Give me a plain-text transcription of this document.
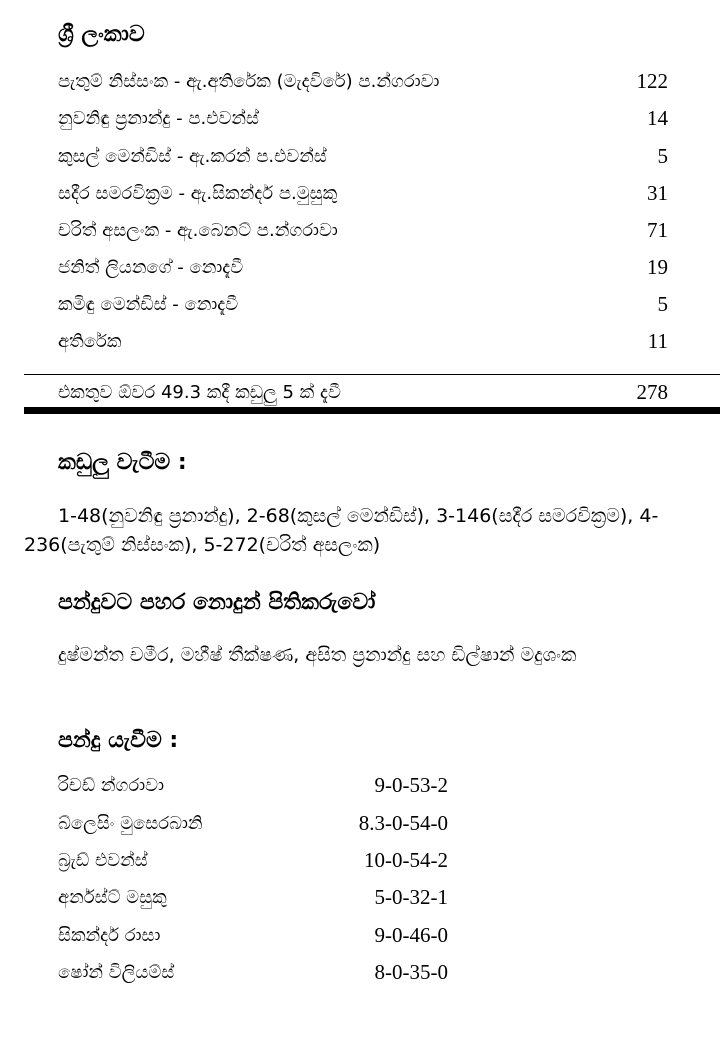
ශ්‍රී ලංකාව
පැතුම් නිස්සංක - ඇ.අතිරේක (මැදවිරේ) ප.න්ගරාවා	122
නුවනිඳු ප්‍රනාන්දු - ප.එවන්ස්	14
කුසල් මෙන්ඩිස් - ඇ.කරන් ප.එවන්ස්	5
සදීර සමරවික්‍රම - ඇ.සිකන්දර් ප.මුසුකු	31
චරිත් අසලංක - ඇ.බෙනට් ප.න්ගරාවා	71
ජනිත් ලියනගේ - නොදැවී	19
කමිඳු මෙන්ඩිස් - නොදැවී	5
අතිරේක	11
එකතුව ඕවර 49.3 කදී කඩුලු 5 ක් දැවී	278
කඩුලු වැටීම :
1-48(නුවනිඳු ප්‍රනාන්දු), 2-68(කුසල් මෙන්ඩිස්), 3-146(සදීර සමරවික්‍රම), 4-236(පැතුම් නිස්සංක), 5-272(චරිත් අසලංක)
පන්දුවට පහර නොදුන් පිතිකරුවෝ
දුෂ්මන්ත චමීර, මහීෂ් තීක්ෂණ, අසිත ප්‍රනාන්දු සහ ඩිල්ෂාන් මදුශංක
පන්දු යැවීම :
රිචඩ් න්ගරාවා	9-0-53-2
බ්ලෙසිං මුසෙරබානි	8.3-0-54-0
බ්‍රැඩ් එවන්ස්	10-0-54-2
අර්නස්ට් මසුකු	5-0-32-1
සිකන්දර් රාසා	9-0-46-0
ෂෝන් විලියම්ස්	8-0-35-0
